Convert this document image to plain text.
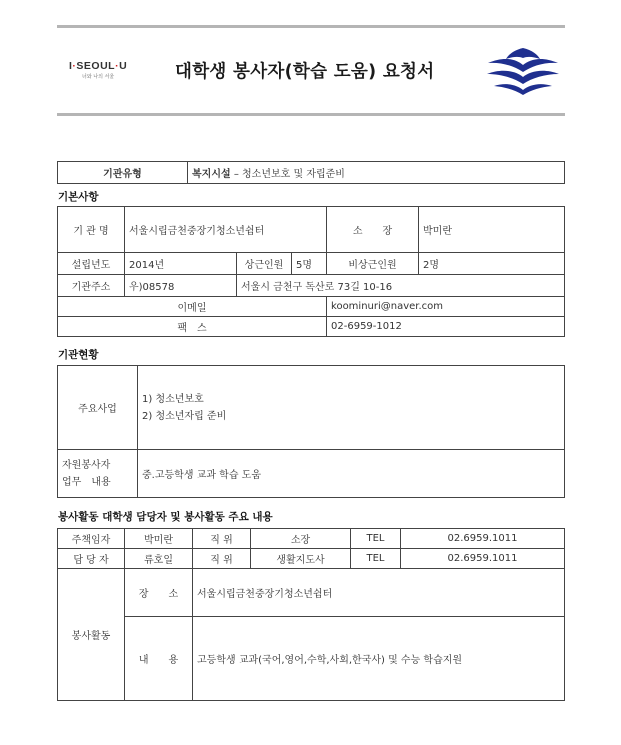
I·SEOUL·U
너와 나의 서울	대학생 봉사자(학습 도움) 요청서
기관유형	복지시설 – 청소년보호 및 자립준비
기본사항
기 관 명	서울시립금천중장기청소년쉼터			소　　장	박미란
설립년도	2014년	상근인원	5명	비상근인원	2명
기관주소	우)08578	서울시 금천구 독산로 73길 10-16			
이메일				koominuri@naver.com	
팩　스				02-6959-1012	
기관현황
주요사업	1) 청소년보호
2) 청소년자립 준비

자원봉사자
업무　내용	중.고등학생 교과 학습 도움
봉사활동 대학생 담당자 및 봉사활동 주요 내용
주책임자	박미란	직 위	소장	TEL	02.6959.1011
담 당 자	류호일	직 위	생활지도사	TEL	02.6959.1011
봉사활동	장　　소	서울시립금천중장기청소년쉼터			
	내　　용	고등학생 교과(국어,영어,수학,사회,한국사) 및 수능 학습지원			
